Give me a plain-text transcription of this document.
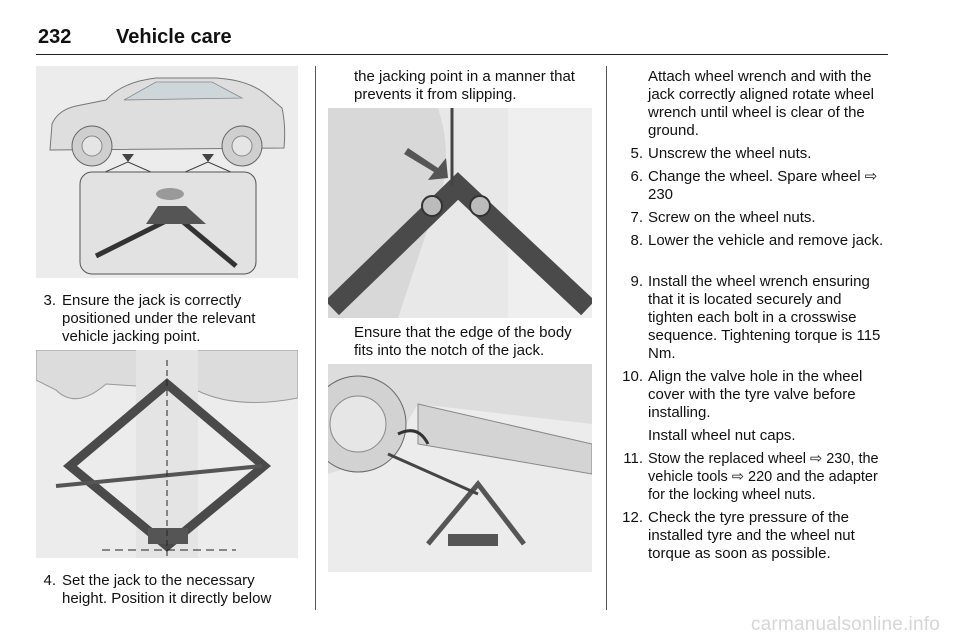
232 Vehicle care
3. Ensure the jack is correctly positioned under the relevant vehicle jacking point.
4. Set the jack to the necessary height. Position it directly below
the jacking point in a manner that prevents it from slipping.
Ensure that the edge of the body fits into the notch of the jack.
Attach wheel wrench and with the jack correctly aligned rotate wheel wrench until wheel is clear of the ground.
5. Unscrew the wheel nuts.
6. Change the wheel. Spare wheel ⇨ 230
7. Screw on the wheel nuts.
8. Lower the vehicle and remove jack.
9. Install the wheel wrench ensuring that it is located securely and tighten each bolt in a crosswise sequence. Tightening torque is 115 Nm.
10. Align the valve hole in the wheel cover with the tyre valve before installing.
Install wheel nut caps.
11. Stow the replaced wheel ⇨ 230, the vehicle tools ⇨ 220 and the adapter for the locking wheel nuts.
12. Check the tyre pressure of the installed tyre and the wheel nut torque as soon as possible.
carmanualsonline.info
